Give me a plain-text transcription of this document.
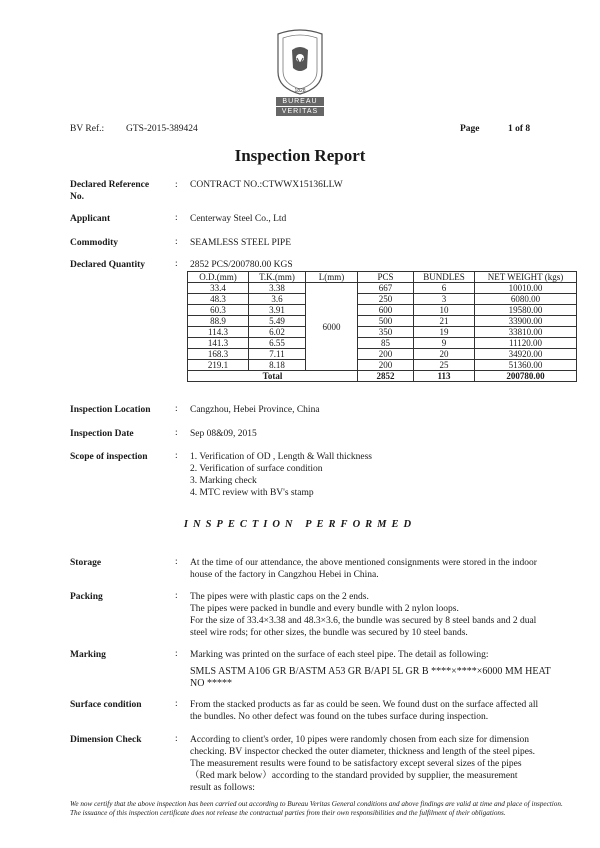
1828
BUREAU
VERITAS
BV Ref.: GTS-2015-389424	Page	1 of 8
Inspection Report
Declared Reference
No.
: CONTRACT NO.:CTWWX15136LLW
Applicant	: Centerway Steel Co., Ltd
Commodity	: SEAMLESS STEEL PIPE
Declared Quantity	: 2852 PCS/200780.00 KGS
O.D.(mm)	T.K.(mm)	L(mm)	PCS	BUNDLES	NET WEIGHT (kgs)
33.4	3.38	6000	667	6	10010.00
48.3	3.6		250	3	6080.00
60.3	3.91		600	10	19580.00
88.9	5.49		500	21	33900.00
114.3	6.02		350	19	33810.00
141.3	6.55		85	9	11120.00
168.3	7.11		200	20	34920.00
219.1	8.18		200	25	51360.00
Total			2852	113	200780.00
Inspection Location	: Cangzhou, Hebei Province, China
Inspection Date	: Sep 08&09, 2015
Scope of inspection	: 1. Verification of OD , Length & Wall thickness
2. Verification of surface condition
3. Marking check
4. MTC review with BV's stamp
INSPECTION PERFORMED
Storage	: At the time of our attendance, the above mentioned consignments were stored in the indoor
house of the factory in Cangzhou Hebei in China.
Packing	: The pipes were with plastic caps on the 2 ends.
The pipes were packed in bundle and every bundle with 2 nylon loops.
For the size of 33.4×3.38 and 48.3×3.6, the bundle was secured by 8 steel bands and 2 dual
steel wire rods; for other sizes, the bundle was secured by 10 steel bands.
Marking	: Marking was printed on the surface of each steel pipe. The detail as following:
SMLS ASTM A106 GR B/ASTM A53 GR B/API 5L GR B ****×****×6000 MM HEAT
NO *****
Surface condition	: From the stacked products as far as could be seen. We found dust on the surface affected all
the bundles. No other defect was found on the tubes surface during inspection.
Dimension Check	: According to client's order, 10 pipes were randomly chosen from each size for dimension
checking. BV inspector checked the outer diameter, thickness and length of the steel pipes.
The measurement results were found to be satisfactory except several sizes of the pipes
（Red mark below）according to the standard provided by supplier, the measurement
result as follows:
We now certify that the above inspection has been carried out according to Bureau Veritas General conditions and above findings are valid at time and place of inspection. The issuance of this inspection certificate does not release the contractual parties from their own responsibilities and the fulfilment of their obligations.
